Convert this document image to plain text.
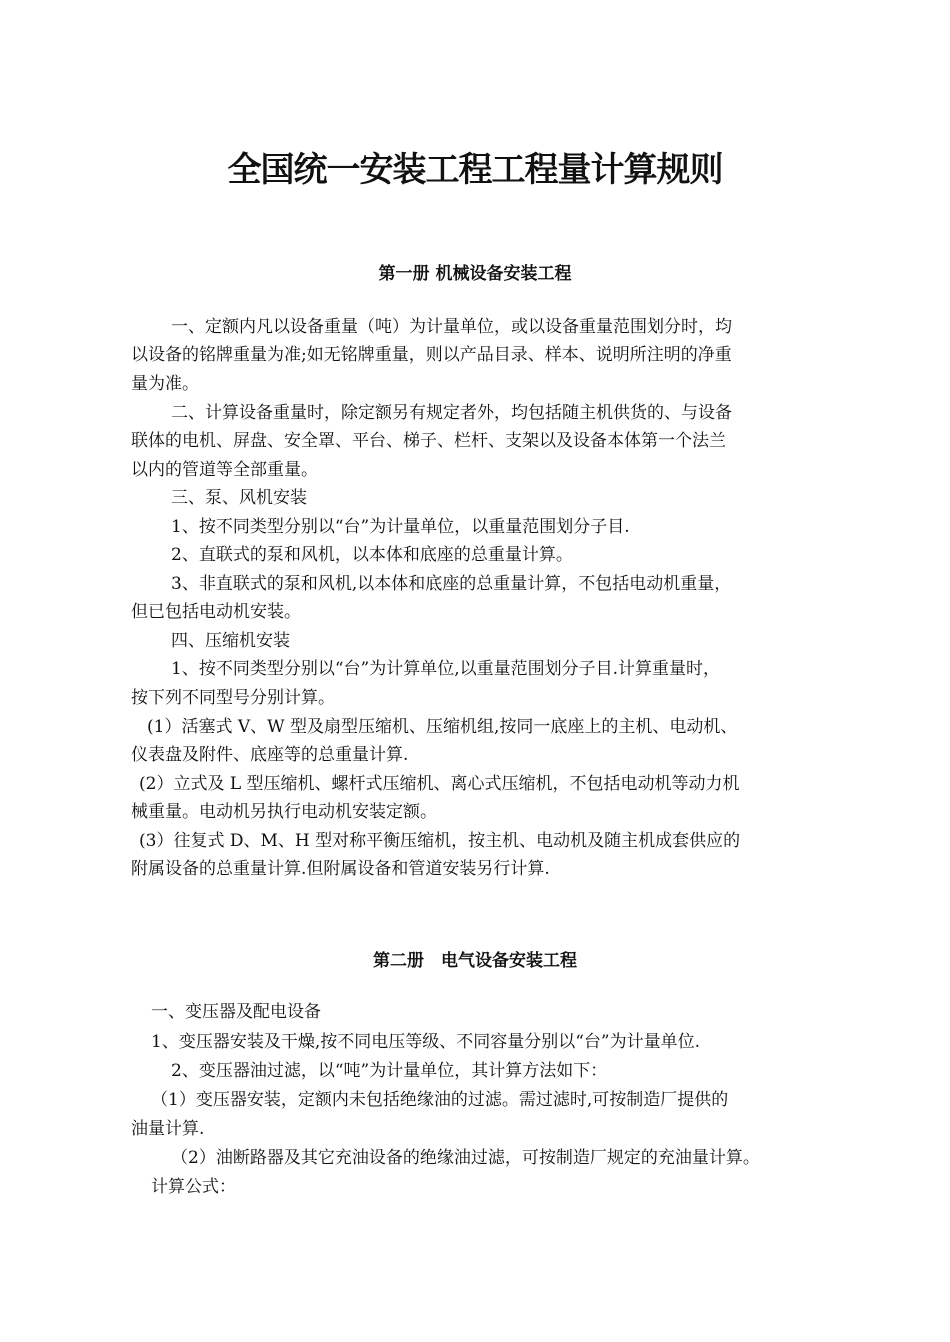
全国统一安装工程工程量计算规则
第一册 机械设备安装工程
一、定额内凡以设备重量（吨）为计量单位，或以设备重量范围划分时，均
以设备的铭牌重量为准;如无铭牌重量，则以产品目录、样本、说明所注明的净重
量为准。
二、计算设备重量时，除定额另有规定者外，均包括随主机供货的、与设备
联体的电机、屏盘、安全罩、平台、梯子、栏杆、支架以及设备本体第一个法兰
以内的管道等全部重量。
三、泵、风机安装
1、按不同类型分别以“台”为计量单位，以重量范围划分子目.
2、直联式的泵和风机，以本体和底座的总重量计算。
3、非直联式的泵和风机,以本体和底座的总重量计算，不包括电动机重量，
但已包括电动机安装。
四、压缩机安装
1、按不同类型分别以“台”为计算单位,以重量范围划分子目.计算重量时，
按下列不同型号分别计算。
(1）活塞式 V、W 型及扇型压缩机、压缩机组,按同一底座上的主机、电动机、
仪表盘及附件、底座等的总重量计算.
(2）立式及 L 型压缩机、螺杆式压缩机、离心式压缩机，不包括电动机等动力机
械重量。电动机另执行电动机安装定额。
(3）往复式 D、M、H 型对称平衡压缩机，按主机、电动机及随主机成套供应的
附属设备的总重量计算.但附属设备和管道安装另行计算.
第二册　电气设备安装工程
一、变压器及配电设备
1、变压器安装及干燥,按不同电压等级、不同容量分别以“台”为计量单位.
2、变压器油过滤，以“吨”为计量单位，其计算方法如下：
（1）变压器安装，定额内未包括绝缘油的过滤。需过滤时,可按制造厂提供的
油量计算.
（2）油断路器及其它充油设备的绝缘油过滤，可按制造厂规定的充油量计算。
计算公式：
